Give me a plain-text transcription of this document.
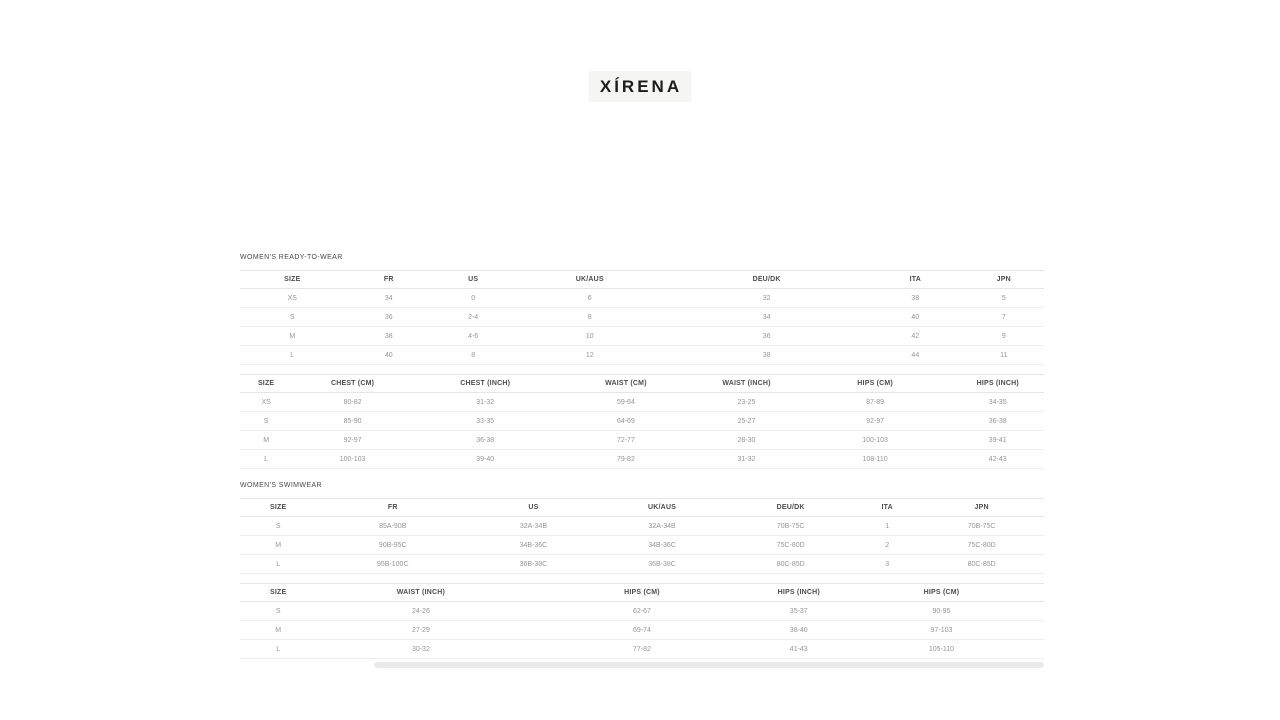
XÍRENA
WOMEN'S READY-TO-WEAR
SIZE	FR	US	UK/AUS	DEU/DK	ITA	JPN
XS	34	0	6	32	38	5
S	36	2-4	8	34	40	7
M	38	4-6	10	36	42	9
L	40	8	12	38	44	11
SIZE	CHEST (CM)	CHEST (INCH)	WAIST (CM)	WAIST (INCH)	HIPS (CM)	HIPS (INCH)
XS	80-82	31-32	59-64	23-25	87-89	34-35
S	85-90	33-35	64-69	25-27	92-97	36-38
M	92-97	36-38	72-77	28-30	100-103	39-41
L	100-103	39-40	79-82	31-32	108-110	42-43
WOMEN'S SWIMWEAR
SIZE	FR	US	UK/AUS	DEU/DK	ITA	JPN
S	85A-90B	32A-34B	32A-34B	70B-75C	1	70B-75C
M	90B-95C	34B-36C	34B-36C	75C-80D	2	75C-80D
L	95B-100C	36B-38C	36B-38C	80C-85D	3	80C-85D
SIZE	WAIST (INCH)	HIPS (CM)	HIPS (INCH)	HIPS (CM)
S	24-26	62-67	35-37	90-95
M	27-29	69-74	38-40	97-103
L	30-32	77-82	41-43	105-110
